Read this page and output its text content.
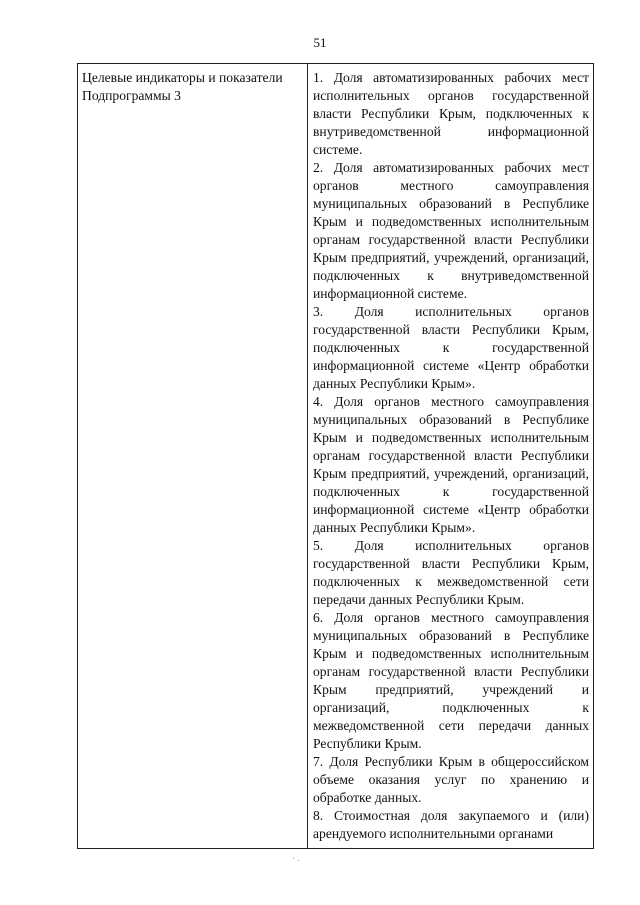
51
Целевые индикаторы и показатели Подпрограммы 3

1. Доля автоматизированных рабочих мест исполнительных органов государственной власти Республики Крым, подключенных к внутриведомственной информационной системе.

2. Доля автоматизированных рабочих мест органов местного самоуправления муниципальных образований в Республике Крым и подведомственных исполнительным органам государственной власти Республики Крым предприятий, учреждений, организаций, подключенных к внутриведомственной информационной системе.

3. Доля исполнительных органов государственной власти Республики Крым, подключенных к государственной информационной системе «Центр обработки данных Республики Крым».

4. Доля органов местного самоуправления муниципальных образований в Республике Крым и подведомственных исполнительным органам государственной власти Республики Крым предприятий, учреждений, организаций, подключенных к государственной информационной системе «Центр обработки данных Республики Крым».

5. Доля исполнительных органов государственной власти Республики Крым, подключенных к межведомственной сети передачи данных Республики Крым.

6. Доля органов местного самоуправления муниципальных образований в Республике Крым и подведомственных исполнительным органам государственной власти Республики Крым предприятий, учреждений и организаций, подключенных к межведомственной сети передачи данных Республики Крым.

7. Доля Республики Крым в общероссийском объеме оказания услуг по хранению и обработке данных.

8. Стоимостная доля закупаемого и (или) арендуемого исполнительными органами

· .
